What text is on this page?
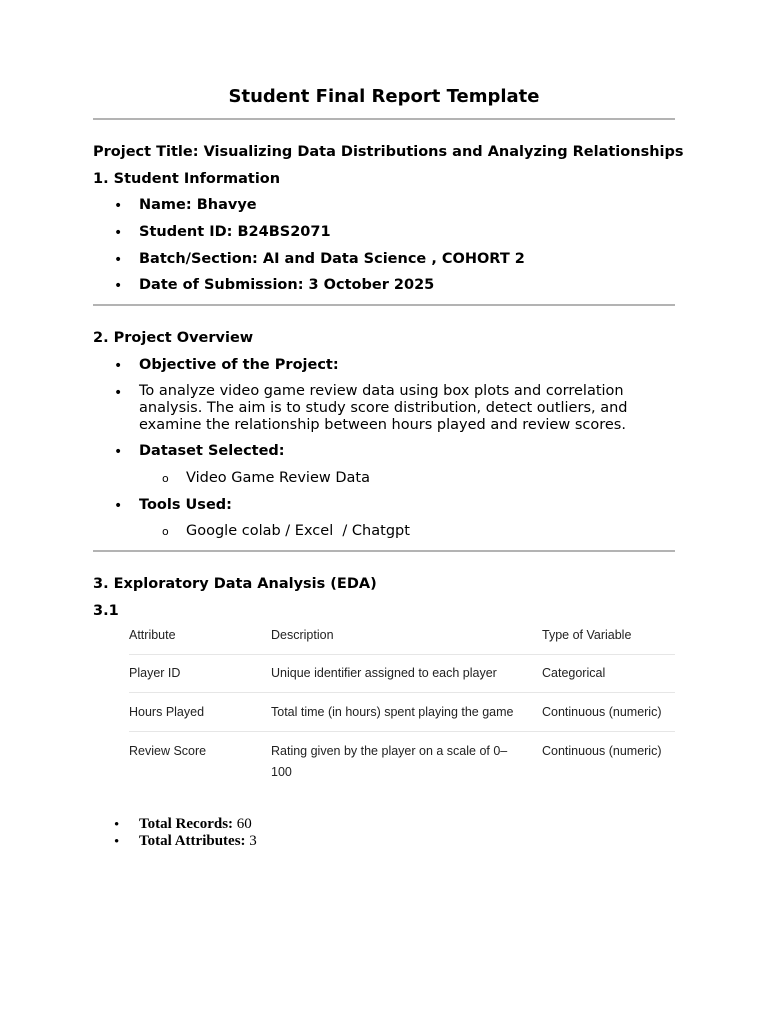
Student Final Report Template
Project Title: Visualizing Data Distributions and Analyzing Relationships
1. Student Information
• Name: Bhavye
• Student ID: B24BS2071
• Batch/Section: AI and Data Science , COHORT 2
• Date of Submission: 3 October 2025
2. Project Overview
• Objective of the Project:
• To analyze video game review data using box plots and correlation analysis. The aim is to study score distribution, detect outliers, and examine the relationship between hours played and review scores.
• Dataset Selected:
o Video Game Review Data
• Tools Used:
o Google colab / Excel  / Chatgpt
3. Exploratory Data Analysis (EDA)
3.1
Attribute	Description	Type of Variable
Player ID	Unique identifier assigned to each player	Categorical
Hours Played	Total time (in hours) spent playing the game	Continuous (numeric)
Review Score	Rating given by the player on a scale of 0–100	Continuous (numeric)
• Total Records: 60
• Total Attributes: 3
